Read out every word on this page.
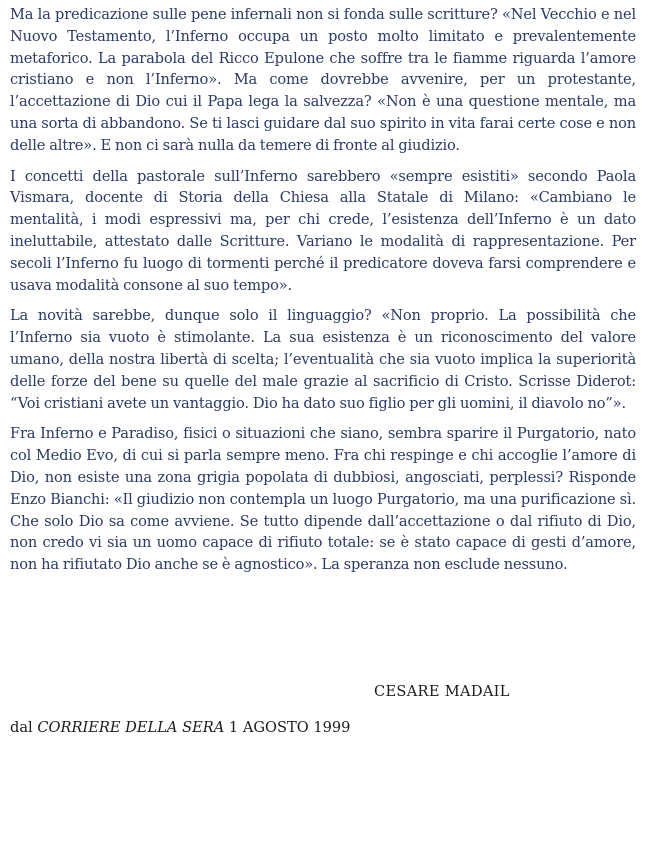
Ma la predicazione sulle pene infernali non si fonda sulle scritture? «Nel Vecchio e nel Nuovo Testamento, l’Inferno occupa un posto molto limitato e prevalentemente metaforico. La parabola del Ricco Epulone che soffre tra le fiamme riguarda l’amore cristiano e non l’Inferno». Ma come dovrebbe avvenire, per un protestante, l’accettazione di Dio cui il Papa lega la salvezza? «Non è una questione mentale, ma una sorta di abbandono. Se ti lasci guidare dal suo spirito in vita farai certe cose e non delle altre». E non ci sarà nulla da temere di fronte al giudizio.

I concetti della pastorale sull’Inferno sarebbero «sempre esistiti» secondo Paola Vismara, docente di Storia della Chiesa alla Statale di Milano: «Cambiano le mentalità, i modi espressivi ma, per chi crede, l’esistenza dell’Inferno è un dato ineluttabile, attestato dalle Scritture. Variano le modalità di rappresentazione. Per secoli l’Inferno fu luogo di tormenti perché il predicatore doveva farsi comprendere e usava modalità consone al suo tempo».

La novità sarebbe, dunque solo il linguaggio? «Non proprio. La possibilità che l’Inferno sia vuoto è stimolante. La sua esistenza è un riconoscimento del valore umano, della nostra libertà di scelta; l’eventualità che sia vuoto implica la superiorità delle forze del bene su quelle del male grazie al sacrificio di Cristo. Scrisse Diderot: “Voi cristiani avete un vantaggio. Dio ha dato suo figlio per gli uomini, il diavolo no”».

Fra Inferno e Paradiso, fisici o situazioni che siano, sembra sparire il Purgatorio, nato col Medio Evo, di cui si parla sempre meno. Fra chi respinge e chi accoglie l’amore di Dio, non esiste una zona grigia popolata di dubbiosi, angosciati, perplessi? Risponde Enzo Bianchi: «Il giudizio non contempla un luogo Purgatorio, ma una purificazione sì. Che solo Dio sa come avviene. Se tutto dipende dall’accettazione o dal rifiuto di Dio, non credo vi sia un uomo capace di rifiuto totale: se è stato capace di gesti d’amore, non ha rifiutato Dio anche se è agnostico». La speranza non esclude nessuno.

CESARE MADAIL
dal CORRIERE DELLA SERA 1 AGOSTO 1999
